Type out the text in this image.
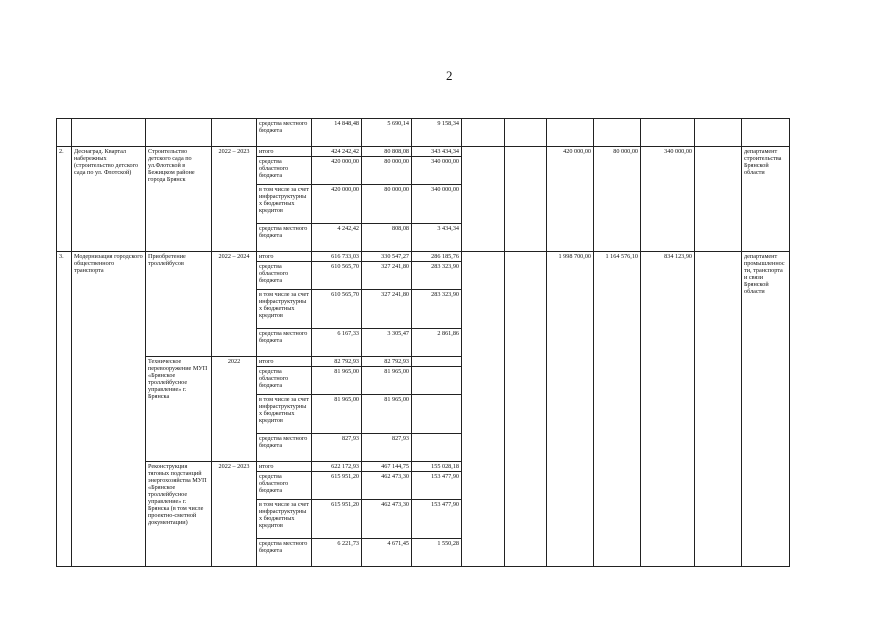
2
				средства местного бюджета	14 848,48	5 690,14	9 158,34							
2.	Деснаград. Квартал набережных (строительство детского сада по ул. Флотской)	Строительство детского сада по ул.Флотской в Бежицком районе города Брянск	2022 – 2023	итого	424 242,42	80 808,08	343 434,34			420 000,00	80 000,00	340 000,00		департамент строительства Брянской области
				средства областного бюджета	420 000,00	80 000,00	340 000,00							
				в том числе за счет инфраструктурных бюджетных кредитов	420 000,00	80 000,00	340 000,00							
				средства местного бюджета	4 242,42	808,08	3 434,34							
3.	Модернизация городского общественного транспорта	Приобретение троллейбусов	2022 – 2024	итого	616 733,03	330 547,27	286 185,76			1 998 700,00	1 164 576,10	834 123,90		департамент промышленности, транспорта и связи Брянской области
				средства областного бюджета	610 565,70	327 241,80	283 323,90							
				в том числе за счет инфраструктурных бюджетных кредитов	610 565,70	327 241,80	283 323,90							
				средства местного бюджета	6 167,33	3 305,47	2 861,86							
		Техническое перевооружение МУП «Брянское троллейбусное управление» г. Брянска	2022	итого	82 792,93	82 792,93								
				средства областного бюджета	81 965,00	81 965,00								
				в том числе за счет инфраструктурных бюджетных кредитов	81 965,00	81 965,00								
				средства местного бюджета	827,93	827,93								
		Реконструкция тяговых подстанций энергохозяйства МУП «Брянское троллейбусное управление» г. Брянска (в том числе проектно-сметной документации)	2022 – 2023	итого	622 172,93	467 144,75	155 028,18							
				средства областного бюджета	615 951,20	462 473,30	153 477,90							
				в том числе за счет инфраструктурных бюджетных кредитов	615 951,20	462 473,30	153 477,90							
				средства местного бюджета	6 221,73	4 671,45	1 550,28							
